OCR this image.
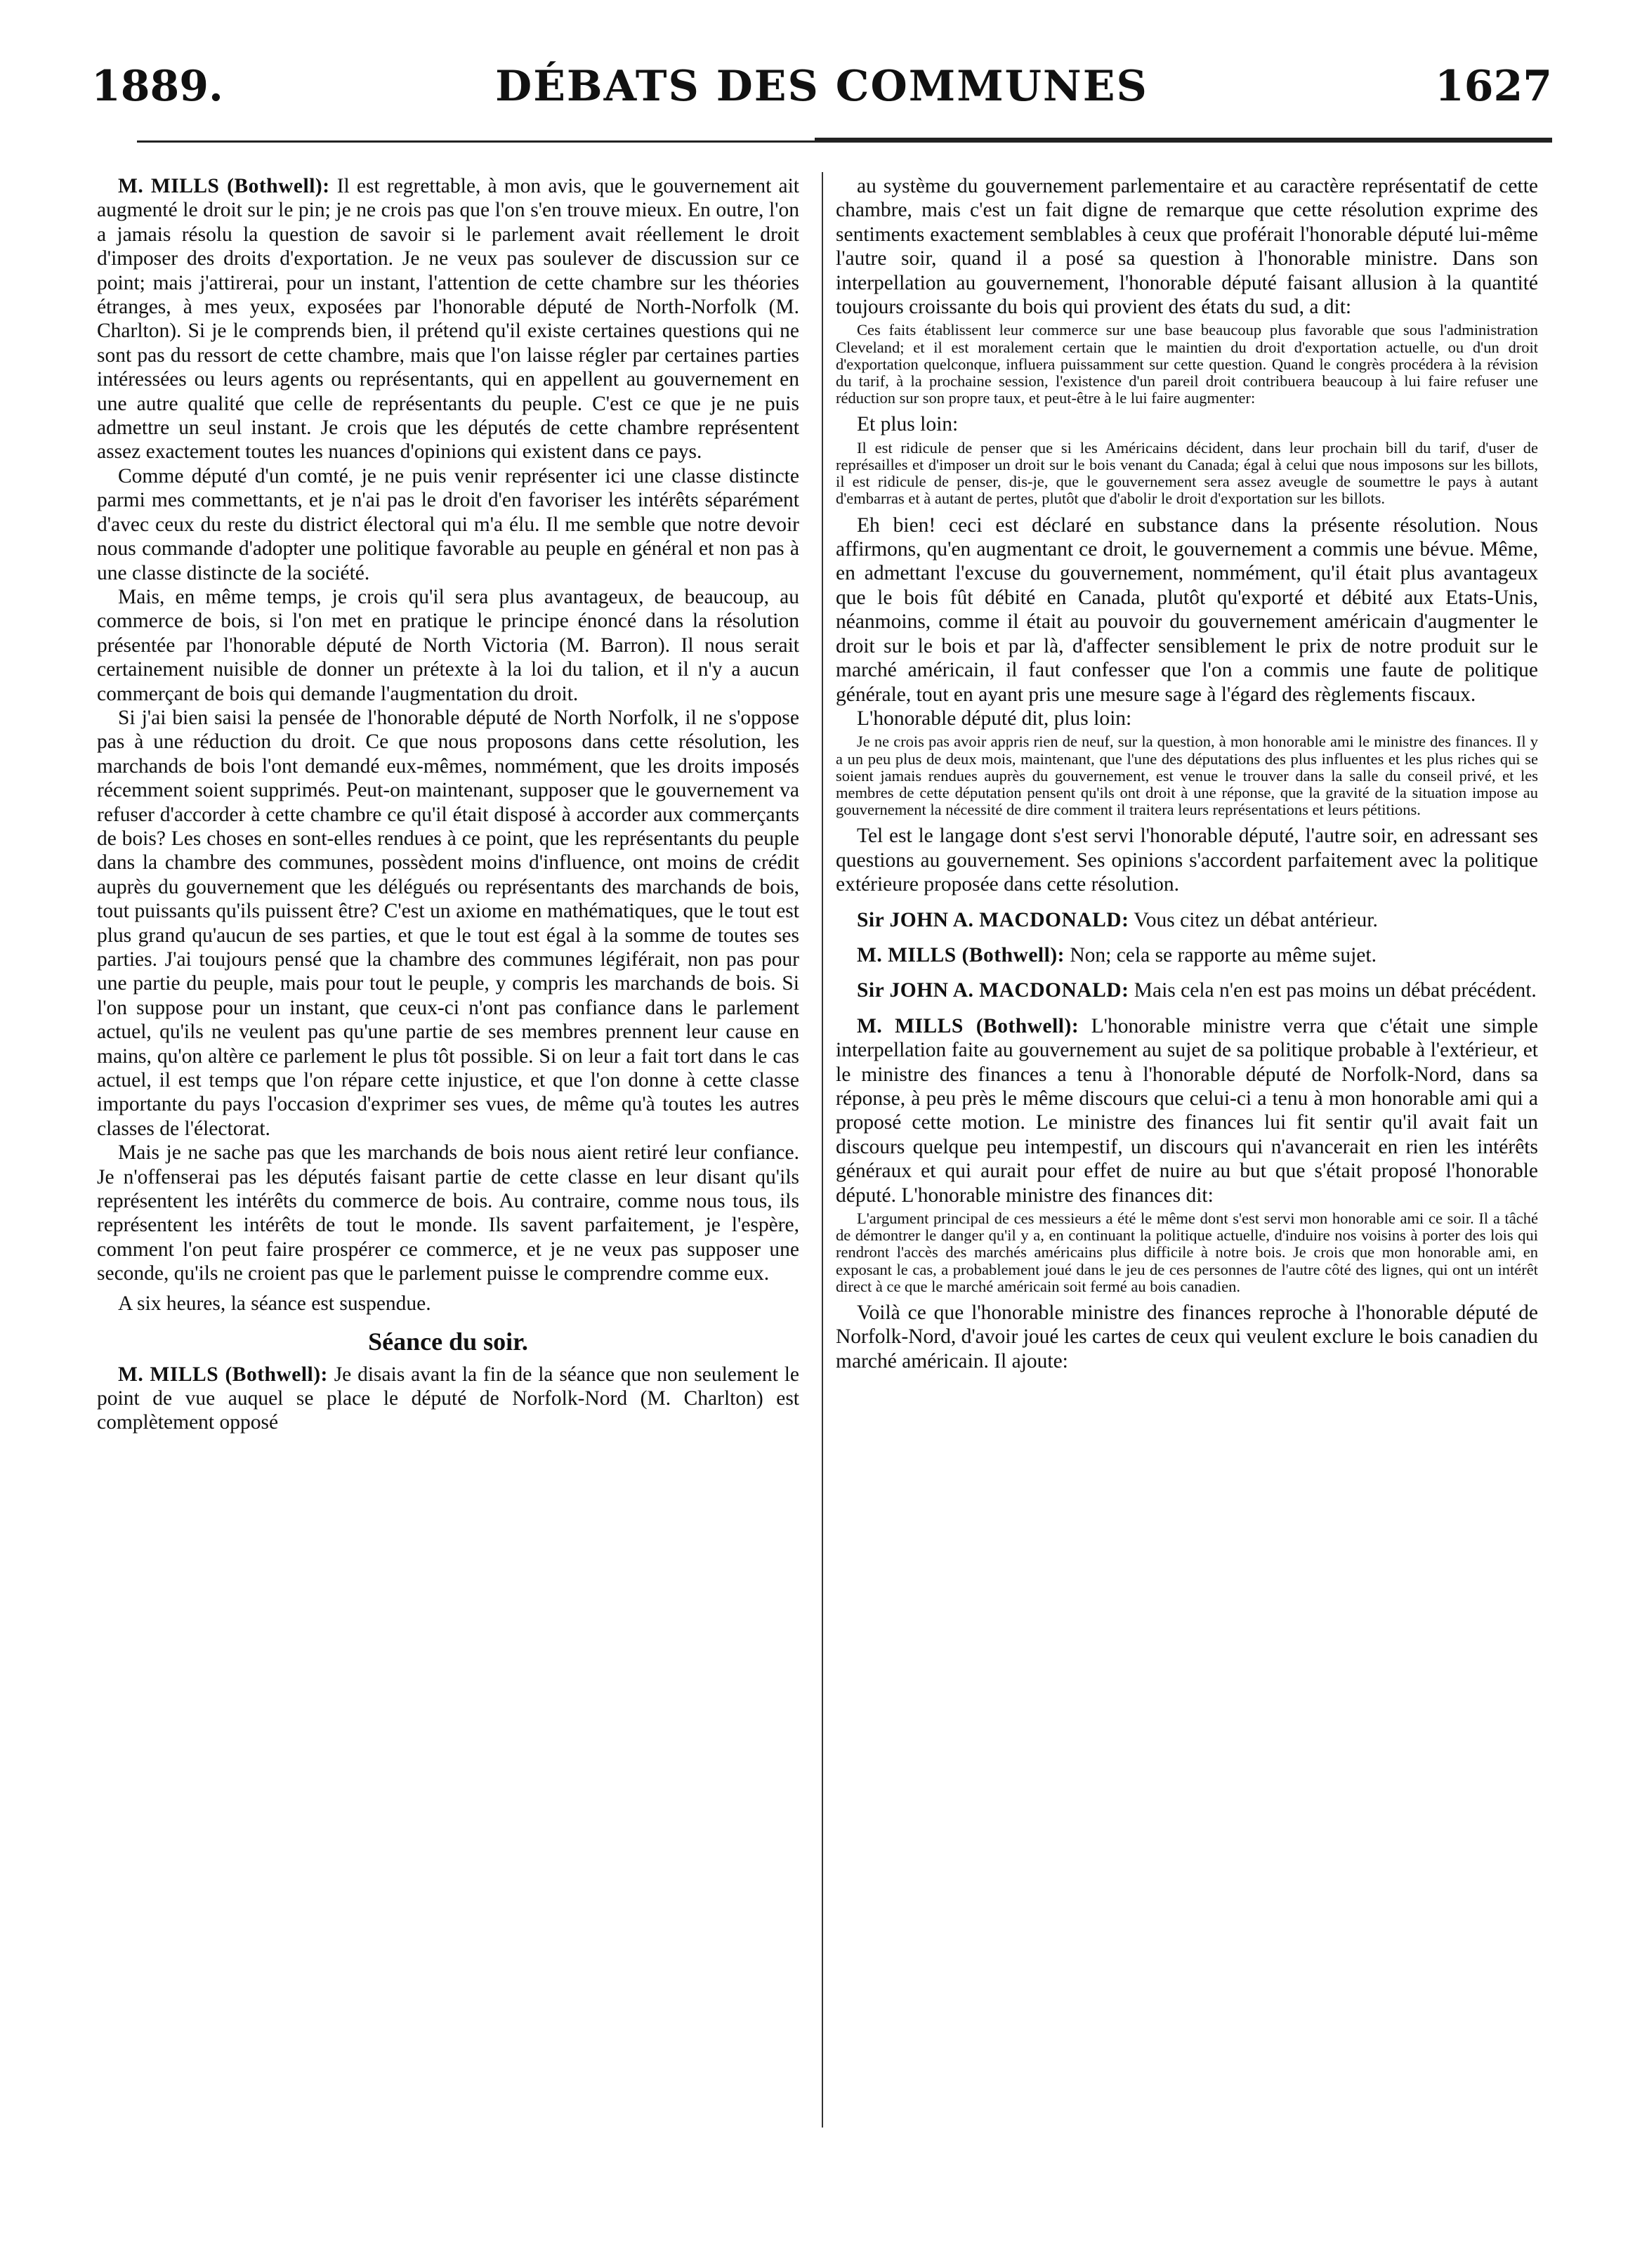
1889.	DÉBATS DES COMMUNES	1627

M. MILLS (Bothwell): Il est regrettable, à mon avis, que le gouvernement ait augmenté le droit sur le pin; je ne crois pas que l'on s'en trouve mieux. En outre, l'on a jamais résolu la question de savoir si le parlement avait réellement le droit d'imposer des droits d'exportation. Je ne veux pas soulever de discussion sur ce point; mais j'attirerai, pour un instant, l'attention de cette chambre sur les théories étranges, à mes yeux, exposées par l'honorable député de North-Norfolk (M. Charlton). Si je le comprends bien, il prétend qu'il existe certaines questions qui ne sont pas du ressort de cette chambre, mais que l'on laisse régler par certaines parties intéressées ou leurs agents ou représentants, qui en appellent au gouvernement en une autre qualité que celle de représentants du peuple. C'est ce que je ne puis admettre un seul instant. Je crois que les députés de cette chambre représentent assez exactement toutes les nuances d'opinions qui existent dans ce pays.

Comme député d'un comté, je ne puis venir représenter ici une classe distincte parmi mes commettants, et je n'ai pas le droit d'en favoriser les intérêts séparément d'avec ceux du reste du district électoral qui m'a élu. Il me semble que notre devoir nous commande d'adopter une politique favorable au peuple en général et non pas à une classe distincte de la société.

Mais, en même temps, je crois qu'il sera plus avantageux, de beaucoup, au commerce de bois, si l'on met en pratique le principe énoncé dans la résolution présentée par l'honorable député de North Victoria (M. Barron). Il nous serait certainement nuisible de donner un prétexte à la loi du talion, et il n'y a aucun commerçant de bois qui demande l'augmentation du droit.

Si j'ai bien saisi la pensée de l'honorable député de North Norfolk, il ne s'oppose pas à une réduction du droit. Ce que nous proposons dans cette résolution, les marchands de bois l'ont demandé eux-mêmes, nommément, que les droits imposés récemment soient supprimés. Peut-on maintenant, supposer que le gouvernement va refuser d'accorder à cette chambre ce qu'il était disposé à accorder aux commerçants de bois? Les choses en sont-elles rendues à ce point, que les représentants du peuple dans la chambre des communes, possèdent moins d'influence, ont moins de crédit auprès du gouvernement que les délégués ou représentants des marchands de bois, tout puissants qu'ils puissent être? C'est un axiome en mathématiques, que le tout est plus grand qu'aucun de ses parties, et que le tout est égal à la somme de toutes ses parties. J'ai toujours pensé que la chambre des communes légiférait, non pas pour une partie du peuple, mais pour tout le peuple, y compris les marchands de bois. Si l'on suppose pour un instant, que ceux-ci n'ont pas confiance dans le parlement actuel, qu'ils ne veulent pas qu'une partie de ses membres prennent leur cause en mains, qu'on altère ce parlement le plus tôt possible. Si on leur a fait tort dans le cas actuel, il est temps que l'on répare cette injustice, et que l'on donne à cette classe importante du pays l'occasion d'exprimer ses vues, de même qu'à toutes les autres classes de l'électorat.

Mais je ne sache pas que les marchands de bois nous aient retiré leur confiance. Je n'offenserai pas les députés faisant partie de cette classe en leur disant qu'ils représentent les intérêts du commerce de bois. Au contraire, comme nous tous, ils représentent les intérêts de tout le monde. Ils savent parfaitement, je l'espère, comment l'on peut faire prospérer ce commerce, et je ne veux pas supposer une seconde, qu'ils ne croient pas que le parlement puisse le comprendre comme eux.

A six heures, la séance est suspendue.

Séance du soir.

M. MILLS (Bothwell): Je disais avant la fin de la séance que non seulement le point de vue auquel se place le député de Norfolk-Nord (M. Charlton) est complètement opposé

au système du gouvernement parlementaire et au caractère représentatif de cette chambre, mais c'est un fait digne de remarque que cette résolution exprime des sentiments exactement semblables à ceux que proférait l'honorable député lui-même l'autre soir, quand il a posé sa question à l'honorable ministre. Dans son interpellation au gouvernement, l'honorable député faisant allusion à la quantité toujours croissante du bois qui provient des états du sud, a dit:

Ces faits établissent leur commerce sur une base beaucoup plus favorable que sous l'administration Cleveland; et il est moralement certain que le maintien du droit d'exportation actuelle, ou d'un droit d'exportation quelconque, influera puissamment sur cette question. Quand le congrès procédera à la révision du tarif, à la prochaine session, l'existence d'un pareil droit contribuera beaucoup à lui faire refuser une réduction sur son propre taux, et peut-être à le lui faire augmenter:

Et plus loin:

Il est ridicule de penser que si les Américains décident, dans leur prochain bill du tarif, d'user de représailles et d'imposer un droit sur le bois venant du Canada; égal à celui que nous imposons sur les billots, il est ridicule de penser, dis-je, que le gouvernement sera assez aveugle de soumettre le pays à autant d'embarras et à autant de pertes, plutôt que d'abolir le droit d'exportation sur les billots.

Eh bien! ceci est déclaré en substance dans la présente résolution. Nous affirmons, qu'en augmentant ce droit, le gouvernement a commis une bévue. Même, en admettant l'excuse du gouvernement, nommément, qu'il était plus avantageux que le bois fût débité en Canada, plutôt qu'exporté et débité aux Etats-Unis, néanmoins, comme il était au pouvoir du gouvernement américain d'augmenter le droit sur le bois et par là, d'affecter sensiblement le prix de notre produit sur le marché américain, il faut confesser que l'on a commis une faute de politique générale, tout en ayant pris une mesure sage à l'égard des règlements fiscaux.

L'honorable député dit, plus loin:

Je ne crois pas avoir appris rien de neuf, sur la question, à mon honorable ami le ministre des finances. Il y a un peu plus de deux mois, maintenant, que l'une des députations des plus influentes et les plus riches qui se soient jamais rendues auprès du gouvernement, est venue le trouver dans la salle du conseil privé, et les membres de cette députation pensent qu'ils ont droit à une réponse, que la gravité de la situation impose au gouvernement la nécessité de dire comment il traitera leurs représentations et leurs pétitions.

Tel est le langage dont s'est servi l'honorable député, l'autre soir, en adressant ses questions au gouvernement. Ses opinions s'accordent parfaitement avec la politique extérieure proposée dans cette résolution.

Sir JOHN A. MACDONALD: Vous citez un débat antérieur.

M. MILLS (Bothwell): Non; cela se rapporte au même sujet.

Sir JOHN A. MACDONALD: Mais cela n'en est pas moins un débat précédent.

M. MILLS (Bothwell): L'honorable ministre verra que c'était une simple interpellation faite au gouvernement au sujet de sa politique probable à l'extérieur, et le ministre des finances a tenu à l'honorable député de Norfolk-Nord, dans sa réponse, à peu près le même discours que celui-ci a tenu à mon honorable ami qui a proposé cette motion. Le ministre des finances lui fit sentir qu'il avait fait un discours quelque peu intempestif, un discours qui n'avancerait en rien les intérêts généraux et qui aurait pour effet de nuire au but que s'était proposé l'honorable député. L'honorable ministre des finances dit:

L'argument principal de ces messieurs a été le même dont s'est servi mon honorable ami ce soir. Il a tâché de démontrer le danger qu'il y a, en continuant la politique actuelle, d'induire nos voisins à porter des lois qui rendront l'accès des marchés américains plus difficile à notre bois. Je crois que mon honorable ami, en exposant le cas, a probablement joué dans le jeu de ces personnes de l'autre côté des lignes, qui ont un intérêt direct à ce que le marché américain soit fermé au bois canadien.

Voilà ce que l'honorable ministre des finances reproche à l'honorable député de Norfolk-Nord, d'avoir joué les cartes de ceux qui veulent exclure le bois canadien du marché américain. Il ajoute:
